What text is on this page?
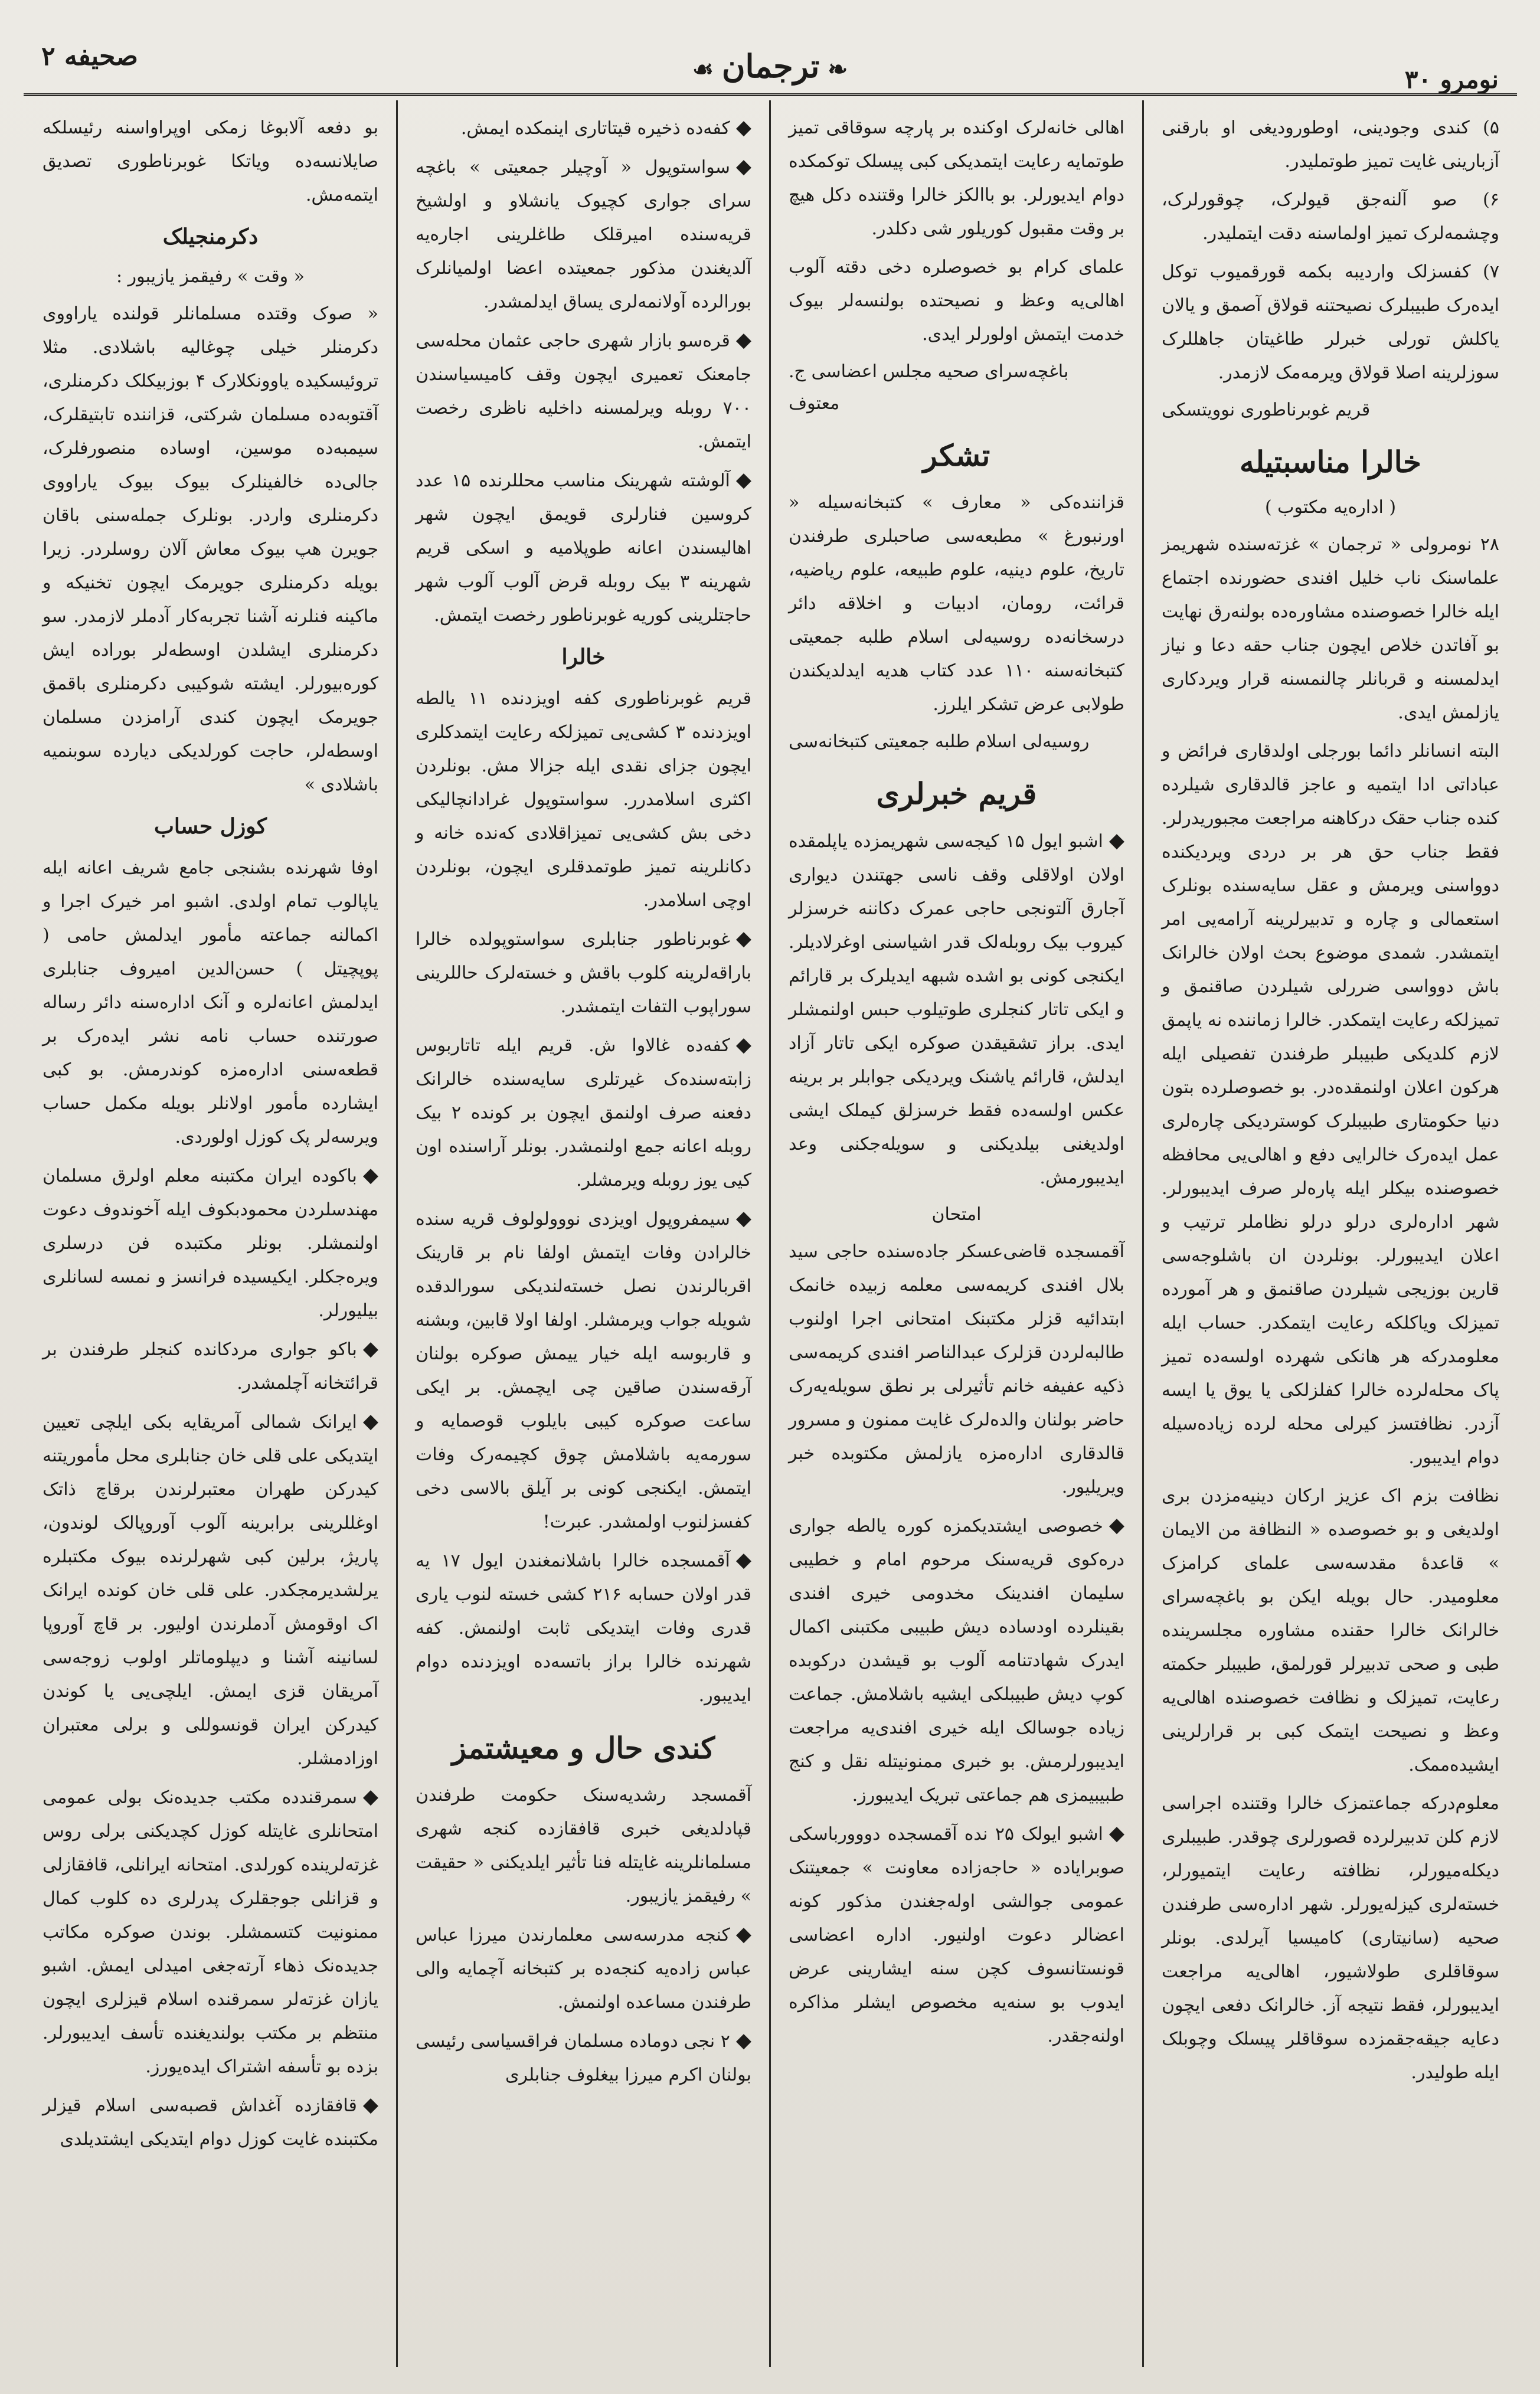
نومرو ۳۰
❧ترجمان☙
صحیفه ۲

۵) کندی وجودینی، اوطورودیغی او بارقنی آزبارینی غایت تمیز طوتملیدر.

۶) صو آلنه‌جق قیولرک، چوقورلرک، وچشمه‌لرک تمیز اولماسنه دقت ایتملیدر.

۷) کفسزلک واردیبه بکمه قورقمیوب توکل ایده‌رک طبیبلرک نصیحتنه قولاق آصمق و یالان یاکلش تورلی خبرلر طاغیتان جاهللرک سوزلرینه اصلا قولاق ویرمه‌مک لازمدر.

قریم غوبرناطوری نوویتسکی
خالرا مناسبتیله
( اداره‌یه مکتوب )

۲۸ نومرولی « ترجمان » غزته‌سنده شهریمز علماسنک ناب خلیل افندی حضورنده اجتماع ایله خالرا خصوصنده مشاوره‌ده بولنه‌رق نهایت بو آفاتدن خلاص ایچون جناب حقه دعا و نیاز ایدلمسنه و قربانلر چالنمسنه قرار ویردکاری یازلمش ایدی.

البته انسانلر دائما بورجلی اولدقاری فرائض و عباداتی ادا ایتمیه و عاجز قالدقاری شیلرده کنده جناب حقک درکاهنه مراجعت مجبوریدرلر. فقط جناب حق هر بر دردی ویردیکنده دوواسنی ویرمش و عقل سایه‌سنده بونلرک استعمالی و چاره و تدبیرلرینه آرامه‌یی امر ایتمشدر. شمدی موضوع بحث اولان خالرانک باش دوواسی ضررلی شیلردن صاقنمق و تمیزلکه رعایت ایتمکدر. خالرا زماننده نه یاپمق لازم کلدیکی طبیبلر طرفندن تفصیلی ایله هرکون اعلان اولنمقده‌در. بو خصوصلرده بتون دنیا حکومتاری طبیبلرک کوستردیکی چاره‌لری عمل ایده‌رک خالرایی دفع و اهالی‌یی محافظه خصوصنده بیکلر ایله پاره‌لر صرف ایدیبورلر. شهر ادارەلری درلو درلو نظاملر ترتیب و اعلان ایدیبورلر. بونلردن ان باشلوجه‌سی قارین بوزیجی شیلردن صاقنمق و هر آمورده تمیزلک ویاکلکه رعایت ایتمکدر. حساب ایله معلومدرکه هر هانکی شهرده اولسه‌ده تمیز پاک محله‌لرده خالرا کفلزلکی یا یوق یا ایسه آزدر. نظافتسز کیرلی محله لرده زیاده‌سیله دوام ایدیبور.

نظافت بزم اک عزیز ارکان دینیه‌مزدن بری اولدیغی و بو خصوصده « النظافة من الایمان » قاعدهٔ مقدسه‌سی علمای کرامزک معلومیدر. حال بویله ایکن بو باغچه‌سرای خالرانک خالرا حقنده مشاوره مجلسرینده طبی و صحی تدبیرلر قورلمق، طبیبلر حکمته رعایت، تمیزلک و نظافت خصوصنده اهالی‌یه وعظ و نصیحت ایتمک کبی بر قرارلرینی ایشیده‌ممک.

معلوم‌درکه جماعتمزک خالرا وقتنده اجراسی لازم کلن تدبیرلرده قصورلری چوقدر. طبیبلری دیکله‌میورلر، نظافته رعایت ایتمیورلر، خسته‌لری کیزله‌یورلر. شهر ادارەسی طرفندن صحیه (سانیتاری) کامیسیا آیرلدی. بونلر سوقاقلری طولاشیور، اهالی‌یه مراجعت ایدیبورلر، فقط نتیجه آز. خالرانک دفعی ایچون دعایه جیقه‌جقمزده سوقاقلر پیسلک وچوبلک ایله طولیدر.

اهالی خانه‌لرک اوکنده بر پارچه سوقاقی تمیز طوتمایه رعایت ایتمدیکی کبی پیسلک توکمکده دوام ایدیورلر. بو باالکز خالرا وقتنده دکل هیچ بر وقت مقبول کوریلور شی دکلدر.

علمای کرام بو خصوصلره دخی دقته آلوب اهالی‌یه وعظ و نصیحتده بولنسه‌لر بیوک خدمت ایتمش اولورلر ایدی.

باغچه‌سرای صحیه مجلس اعضاسی ج. معتوف
تشکر

قزاننده‌کی « معارف » کتبخانه‌سیله « اورنبورغ » مطبعه‌سی صاحبلری طرفندن تاریخ، علوم دینیه، علوم طبیعه، علوم ریاضیه، قرائت، رومان، ادبیات و اخلاقه دائر درسخانه‌ده روسیه‌لی اسلام طلبه جمعیتی کتبخانه‌سنه ۱۱۰ عدد کتاب هدیه ایدلدیکندن طولابی عرض تشکر ایلرز.

روسیه‌لی اسلام طلبه جمعیتی کتبخانه‌سی
قریم خبرلری

◆اشبو ایول ۱۵ کیجه‌سی شهریمزده یاپلمقده اولان اولاقلی وقف ناسی جهتندن دیواری آجارق آلتونجی حاجی عمرک دکاننه خرسزلر کیروب بیک روبله‌لک قدر اشیاسنی اوغرلادیلر. ایکنجی کونی بو اشده شبهه ایدیلرک بر قارائم و ایکی تاتار کنجلری طوتیلوب حبس اولنمشلر ایدی. براز تشقیقدن صوکره ایکی تاتار آزاد ایدلش، قارائم یاشنک ویردیکی جوابلر بر برینه عکس اولسه‌ده فقط خرسزلق کیملک ایشی اولدیغنی بیلدیکنی و سویله‌جکنی وعد ایدیبورمش.

امتحان

آقمسجده قاضی‌عسکر جاده‌سنده حاجی سید بلال افندی کریمه‌سی معلمه زبیده خانمک ابتدائیه قزلر مکتبنک امتحانی اجرا اولنوب طالبه‌لردن قزلرک عبدالناصر افندی کریمه‌سی ذکیه عفیفه خانم تأثیرلی بر نطق سویله‌یه‌رک حاضر بولنان والده‌لرک غایت ممنون و مسرور قالدقاری ادارەمزه یازلمش مکتوبده خبر ویریلیور.

◆خصوصی ایشتدیکمزه کوره یالطه جواری دره‌کوی قریه‌سنک مرحوم امام و خطیبی سلیمان افندینک مخدومی خیری افندی بقینلرده اودساده دیش طبیبی مکتبنی اکمال ایدرک شهادتنامه آلوب بو قیشدن درکوبده کوپ دیش طبیبلکی ایشیه باشلامش. جماعت زیاده جوسالک ایله خیری افندی‌یه مراجعت ایدیبورلرمش. بو خبری ممنونیتله نقل و کنج طبیبیمزی هم جماعتی تبریک ایدیبورز.

◆اشبو ایولک ۲۵ نده آقمسجده دووورباسکی صوبرایاده « حاجه‌زاده معاونت » جمعیتنک عمومی جوالشی اوله‌جغندن مذکور کونه اعضالر دعوت اولنیور. اداره اعضاسی قونستانسوف کچن سنه ایشارینی عرض ایدوب بو سنه‌یه مخصوص ایشلر مذاکره اولنه‌جقدر.

◆کفه‌ده ذخیره قیتاتاری اینمکده ایمش.

◆سواستوپول « آوچیلر جمعیتی » باغچه سرای جواری کچیوک یانشلاو و اولشیخ قریه‌سنده امیرقلک طاغلرینی اجاره‌یه آلدیغندن مذکور جمعیتده اعضا اولمیانلرک بورالرده آولانمه‌لری یساق ایدلمشدر.

◆قره‌سو بازار شهری حاجی عثمان محله‌سی جامعنک تعمیری ایچون وقف کامیسیاسندن ۷۰۰ روبله ویرلمسنه داخلیه ناظری رخصت ایتمش.

◆آلوشته شهرینک مناسب محللرنده ۱۵ عدد کروسین فنارلری قویمق ایچون شهر اهالیسندن اعانه طوپلامیه و اسکی قریم شهرینه ۳ بیک روبله قرض آلوب آلوب شهر حاجتلرینی کوریه غوبرناطور رخصت ایتمش.

خالرا

قریم غوبرناطوری کفه اویزدنده ۱۱ یالطه اویزدنده ۳ کشی‌یی تمیزلکه رعایت ایتمدکلری ایچون جزای نقدی ایله جزالا مش. بونلردن اکثری اسلامدرر. سواستوپول غرادانچالیکی دخی بش کشی‌یی تمیزاقلادی که‌نده خانه و دکانلرینه تمیز طوتمدقلری ایچون، بونلردن اوچی اسلامدر.

◆غوبرناطور جنابلری سواستوپولده خالرا باراقه‌لرینه کلوب باقش و خسته‌لرک حاللرینی سوراپوب التفات ایتمشدر.

◆کفه‌ده غالاوا ش. قریم ایله تاتاربوس زابته‌سنده‌ک غیرتلری سایه‌سنده خالرانک دفعنه صرف اولنمق ایچون بر کونده ۲ بیک روبله اعانه جمع اولنمشدر. بونلر آراسنده اون کیی یوز روبله ویرمشلر.

◆سیمفروپول اویزدی نووولولوف قریه سنده خالرادن وفات ایتمش اولفا نام بر قارینک اقربالرندن نصل خسته‌لندیکی سورالدقده شویله جواب ویرمشلر. اولفا اولا قابین، وبشنه و قاربوسه ایله خیار ییمش صوکره بولنان آرقه‌سندن صاقین چی ایچمش. بر ایکی ساعت صوکره کیبی بایلوب قوصمایه و سورمه‌یه باشلامش چوق کچیمه‌رک وفات ایتمش. ایکنجی کونی بر آیلق بالاسی دخی کفسزلنوب اولمشدر. عبرت!

◆آقمسجده خالرا باشلانمغندن ایول ۱۷ یه قدر اولان حسابه ۲۱۶ کشی خسته لنوب یاری قدری وفات ایتدیکی ثابت اولنمش. کفه شهرنده خالرا براز باتسه‌ده اویزدنده دوام ایدیبور.

کندی حال و معیشتمز

آقمسجد رشدیه‌سنک حکومت طرفندن قپادلدیغی خبری قافقازده کنجه شهری مسلمانلرینه غایتله فنا تأثیر ایلدیکنی « حقیقت » رفیقمز یازیبور.

◆کنجه مدرسه‌سی معلمارندن میرزا عباس عباس زاده‌یه کنجه‌ده بر کتبخانه آچمایه والی طرفندن مساعده اولنمش.

◆۲ نجی دوماده مسلمان فراقسیاسی رئیسی بولنان اکرم میرزا بیغلوف جنابلری

بو دفعه آلابوغا زمکی اوپراواسنه رئیسلکه صایلانسه‌ده ویاتکا غوبرناطوری تصدیق ایتمه‌مش.

دکرمنجیلک
« وقت » رفیقمز یازیبور :

« صوک وقتده مسلمانلر قولنده یاراووی دکرمنلر خیلی چوغالیه باشلادی. مثلا تروئیسکیده یاوونکلارک ۴ بوزبیکلک دکرمنلری، آقتوبه‌ده مسلمان شرکتی، قزاننده تابتیقلرک، سیمبه‌ده موسین، اوساده منصورفلرک، جالی‌ده خالفینلرک بیوک بیوک یاراووی دکرمنلری واردر. بونلرک جمله‌سنی باقان جویرن هپ بیوک معاش آلان روسلردر. زیرا بویله دکرمنلری جویرمک ایچون تخنیکه و ماکینه فنلرنه آشنا تجربه‌کار آدملر لازمدر. سو دکرمنلری ایشلدن اوسطه‌لر بوراده ایش کوره‌بیورلر. ایشته شوکیبی دکرمنلری باقمق جویرمک ایچون کندی آرامزدن مسلمان اوسطه‌لر، حاجت کورلدیکی دیارده سوبنمیه باشلادی »

کوزل حساب

اوفا شهرنده بشنجی جامع شریف اعانه ایله یاپالوب تمام اولدی. اشبو امر خیرک اجرا و اکمالنه جماعته مأمور ایدلمش حامی ( پوپچیتل ) حسن‌الدین امیروف جنابلری ایدلمش اعانەلره و آنک ادارەسنه دائر رساله صورتنده حساب نامه نشر ایده‌رک بر قطعه‌سنی ادارەمزه کوندرمش. بو کبی ایشارده مأمور اولانلر بویله مکمل حساب ویرسه‌لر پک کوزل اولوردی.

◆باکوده ایران مکتبنه معلم اولرق مسلمان مهندسلردن محمودبکوف ایله آخوندوف دعوت اولنمشلر. بونلر مکتبده فن درسلری ویره‌جکلر. ایکیسیده فرانسز و نمسه لسانلری بیلیورلر.

◆باکو جواری مردکانده کنجلر طرفندن بر قرائتخانه آچلمشدر.

◆ایرانک شمالی آمریقایه بکی ایلچی تعیین ایتدیکی علی قلی خان جنابلری محل مأموریتنه کیدرکن طهران معتبرلرندن برقاچ ذاتک اوغللرینی برابرینه آلوب آوروپالک لوندون، پاریژ، برلین کبی شهرلرنده بیوک مکتبلره یرلشدیرمجکدر. علی قلی خان کوندە ایرانک اک اوقومش آدملرندن اولیور. بر قاچ آوروپا لسانینه آشنا و دیپلوماتلر اولوب زوجه‌سی آمریقان قزی ایمش. ایلچی‌یی یا کوندن کیدرکن ایران قونسوللی و برلی معتبران اوزادمشلر.

◆سمرقندده مکتب جدیدەنک بولی عمومی امتحانلری غایتله کوزل کچدیکنی برلی روس غزته‌لرینده کورلدی. امتحانه ایرانلی، قافقازلی و قزانلی جوجقلرک پدرلری ده کلوب کمال ممنونیت کتسمشلر. بوندن صوکره مکاتب جدیدەنک ذهاء آرتەجغی امیدلی ایمش. اشبو یازان غزته‌لر سمرقنده اسلام قیزلری ایچون منتظم بر مکتب بولندیغنده تأسف ایدیبورلر. بزده بو تأسفه اشتراک ایده‌یورز.

◆قافقازده آغداش قصبه‌سی اسلام قیزلر مکتبنده غایت کوزل دوام ایتدیکی ایشتدیلدی
